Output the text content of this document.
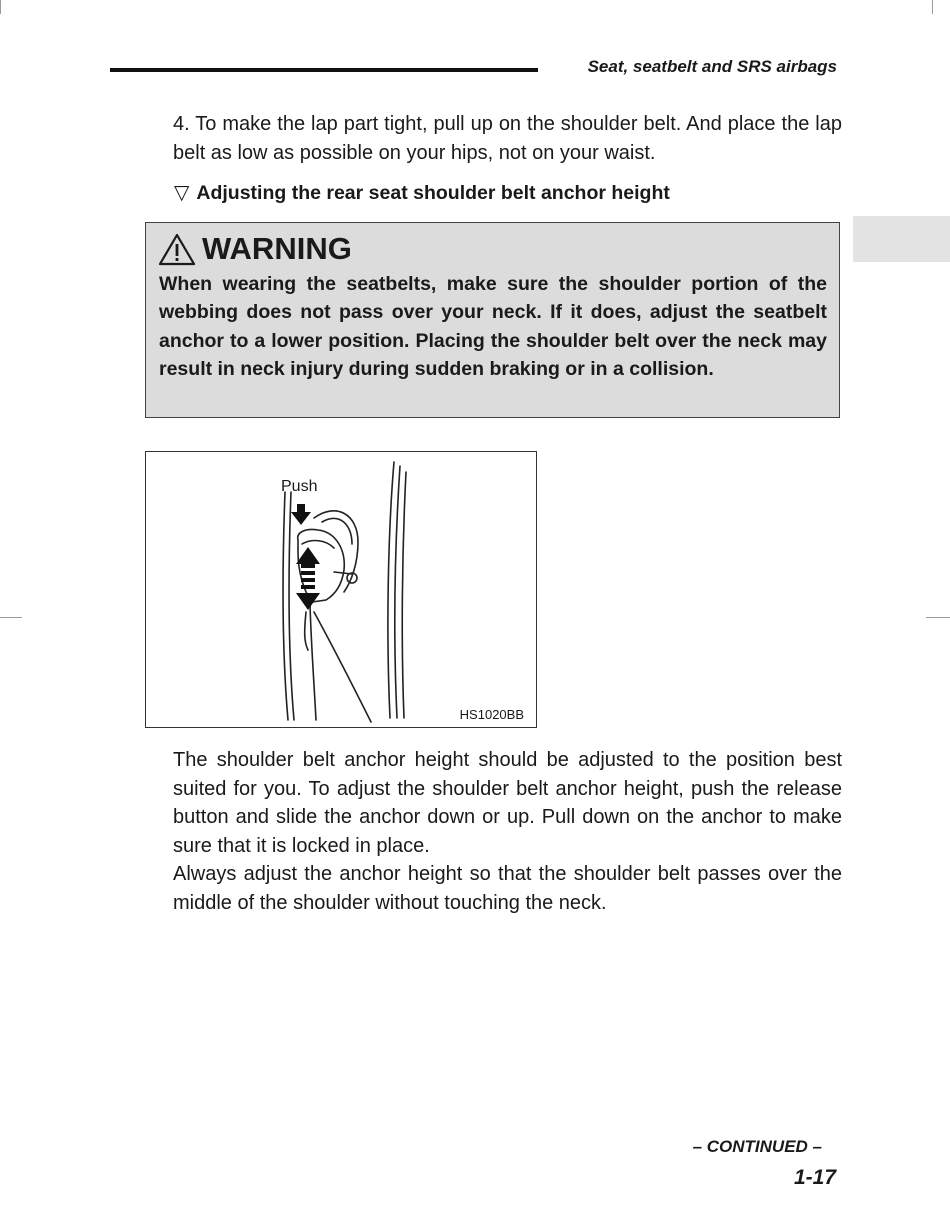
Seat, seatbelt and SRS airbags

4. To make the lap part tight, pull up on the shoulder belt. And place the lap belt as low as possible on your hips, not on your waist.

▽ Adjusting the rear seat shoulder belt anchor height
WARNING

When wearing the seatbelts, make sure the shoulder portion of the webbing does not pass over your neck. If it does, adjust the seatbelt anchor to a lower position. Placing the shoulder belt over the neck may result in neck injury during sudden braking or in a collision.

Push
HS1020BB

The shoulder belt anchor height should be adjusted to the position best suited for you. To adjust the shoulder belt anchor height, push the release button and slide the anchor down or up. Pull down on the anchor to make sure that it is locked in place.

Always adjust the anchor height so that the shoulder belt passes over the middle of the shoulder without touching the neck.

– CONTINUED –
1-17
